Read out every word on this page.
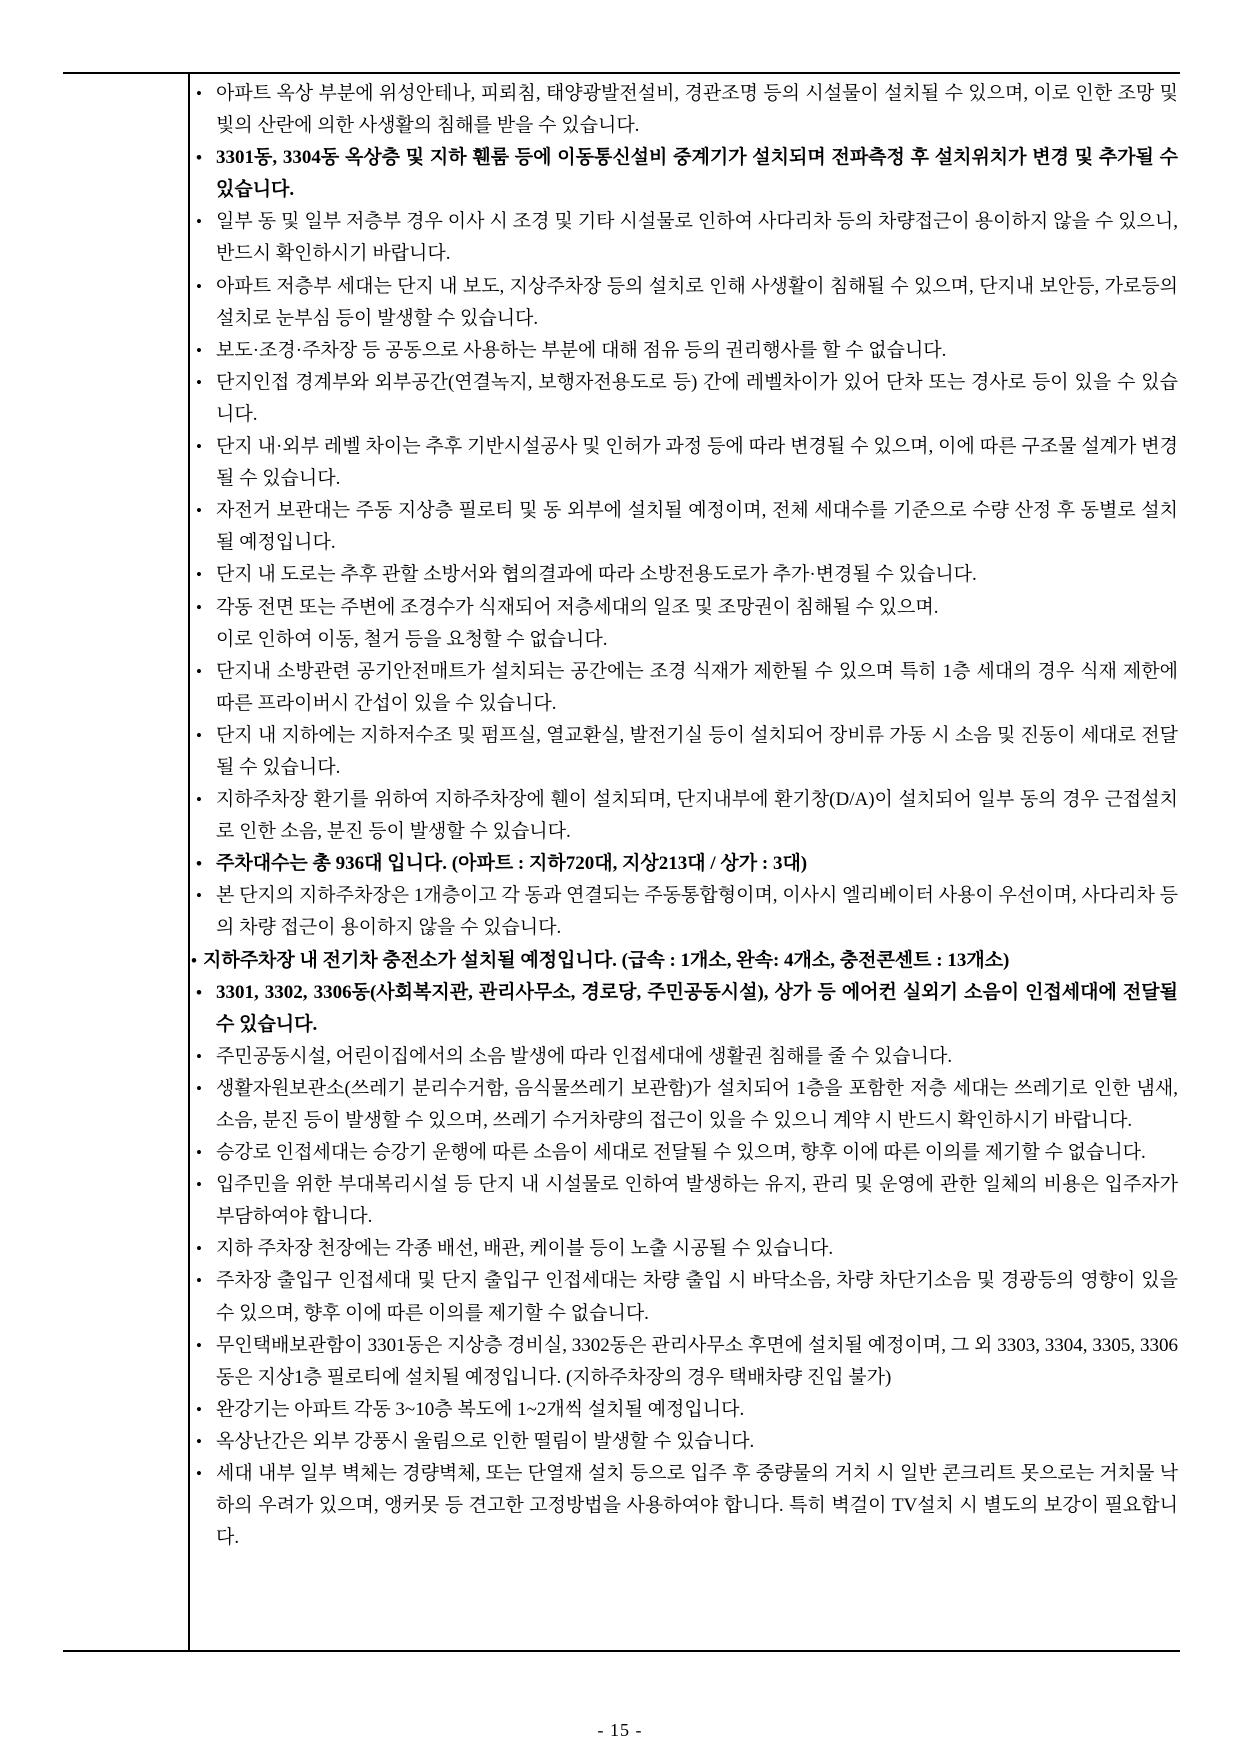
• 아파트 옥상 부분에 위성안테나, 피뢰침, 태양광발전설비, 경관조명 등의 시설물이 설치될 수 있으며, 이로 인한 조망 및 빛의 산란에 의한 사생활의 침해를 받을 수 있습니다.
• 3301동, 3304동 옥상층 및 지하 휀룸 등에 이동통신설비 중계기가 설치되며 전파측정 후 설치위치가 변경 및 추가될 수 있습니다.
• 일부 동 및 일부 저층부 경우 이사 시 조경 및 기타 시설물로 인하여 사다리차 등의 차량접근이 용이하지 않을 수 있으니, 반드시 확인하시기 바랍니다.
• 아파트 저층부 세대는 단지 내 보도, 지상주차장 등의 설치로 인해 사생활이 침해될 수 있으며, 단지내 보안등, 가로등의 설치로 눈부심 등이 발생할 수 있습니다.
• 보도·조경·주차장 등 공동으로 사용하는 부분에 대해 점유 등의 권리행사를 할 수 없습니다.
• 단지인접 경계부와 외부공간(연결녹지, 보행자전용도로 등) 간에 레벨차이가 있어 단차 또는 경사로 등이 있을 수 있습니다.
• 단지 내·외부 레벨 차이는 추후 기반시설공사 및 인허가 과정 등에 따라 변경될 수 있으며, 이에 따른 구조물 설계가 변경될 수 있습니다.
• 자전거 보관대는 주동 지상층 필로티 및 동 외부에 설치될 예정이며, 전체 세대수를 기준으로 수량 산정 후 동별로 설치될 예정입니다.
• 단지 내 도로는 추후 관할 소방서와 협의결과에 따라 소방전용도로가 추가·변경될 수 있습니다.
• 각동 전면 또는 주변에 조경수가 식재되어 저층세대의 일조 및 조망권이 침해될 수 있으며.
이로 인하여 이동, 철거 등을 요청할 수 없습니다.
• 단지내 소방관련 공기안전매트가 설치되는 공간에는 조경 식재가 제한될 수 있으며 특히 1층 세대의 경우 식재 제한에 따른 프라이버시 간섭이 있을 수 있습니다.
• 단지 내 지하에는 지하저수조 및 펌프실, 열교환실, 발전기실 등이 설치되어 장비류 가동 시 소음 및 진동이 세대로 전달될 수 있습니다.
• 지하주차장 환기를 위하여 지하주차장에 휀이 설치되며, 단지내부에 환기창(D/A)이 설치되어 일부 동의 경우 근접설치로 인한 소음, 분진 등이 발생할 수 있습니다.
• 주차대수는 총 936대 입니다. (아파트 : 지하720대, 지상213대 / 상가 : 3대)
• 본 단지의 지하주차장은 1개층이고 각 동과 연결되는 주동통합형이며, 이사시 엘리베이터 사용이 우선이며, 사다리차 등의 차량 접근이 용이하지 않을 수 있습니다.
• 지하주차장 내 전기차 충전소가 설치될 예정입니다. (급속 : 1개소, 완속: 4개소, 충전콘센트 : 13개소)
• 3301, 3302, 3306동(사회복지관, 관리사무소, 경로당, 주민공동시설), 상가 등 에어컨 실외기 소음이 인접세대에 전달될 수 있습니다.
• 주민공동시설, 어린이집에서의 소음 발생에 따라 인접세대에 생활권 침해를 줄 수 있습니다.
• 생활자원보관소(쓰레기 분리수거함, 음식물쓰레기 보관함)가 설치되어 1층을 포함한 저층 세대는 쓰레기로 인한 냄새, 소음, 분진 등이 발생할 수 있으며, 쓰레기 수거차량의 접근이 있을 수 있으니 계약 시 반드시 확인하시기 바랍니다.
• 승강로 인접세대는 승강기 운행에 따른 소음이 세대로 전달될 수 있으며, 향후 이에 따른 이의를 제기할 수 없습니다.
• 입주민을 위한 부대복리시설 등 단지 내 시설물로 인하여 발생하는 유지, 관리 및 운영에 관한 일체의 비용은 입주자가 부담하여야 합니다.
• 지하 주차장 천장에는 각종 배선, 배관, 케이블 등이 노출 시공될 수 있습니다.
• 주차장 출입구 인접세대 및 단지 출입구 인접세대는 차량 출입 시 바닥소음, 차량 차단기소음 및 경광등의 영향이 있을 수 있으며, 향후 이에 따른 이의를 제기할 수 없습니다.
• 무인택배보관함이 3301동은 지상층 경비실, 3302동은 관리사무소 후면에 설치될 예정이며, 그 외 3303, 3304, 3305, 3306동은 지상1층 필로티에 설치될 예정입니다. (지하주차장의 경우 택배차량 진입 불가)
• 완강기는 아파트 각동 3~10층 복도에 1~2개씩 설치될 예정입니다.
• 옥상난간은 외부 강풍시 울림으로 인한 떨림이 발생할 수 있습니다.
• 세대 내부 일부 벽체는 경량벽체, 또는 단열재 설치 등으로 입주 후 중량물의 거치 시 일반 콘크리트 못으로는 거치물 낙하의 우려가 있으며, 앵커못 등 견고한 고정방법을 사용하여야 합니다. 특히 벽걸이 TV설치 시 별도의 보강이 필요합니다.
- 15 -
